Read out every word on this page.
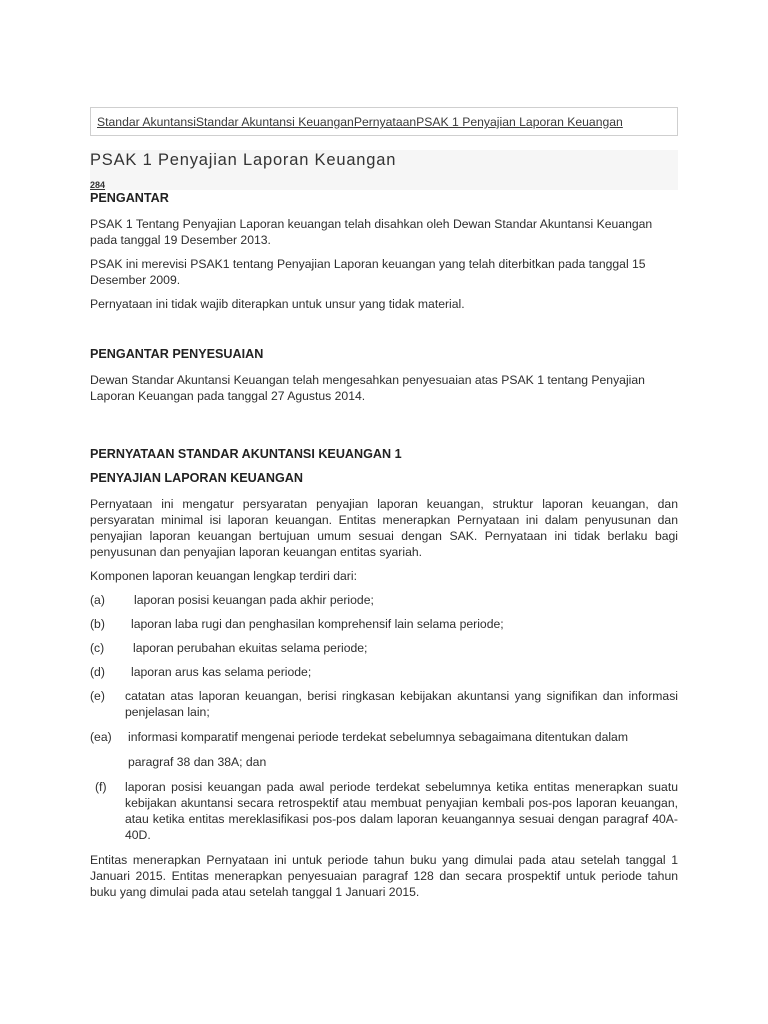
Standar AkuntansiStandar Akuntansi KeuanganPernyataanPSAK 1 Penyajian Laporan Keuangan
PSAK 1 Penyajian Laporan Keuangan
284

PENGANTAR

PSAK 1 Tentang Penyajian Laporan keuangan telah disahkan oleh Dewan Standar Akuntansi Keuangan pada tanggal 19 Desember 2013.

PSAK ini merevisi PSAK1 tentang Penyajian Laporan keuangan yang telah diterbitkan pada tanggal 15 Desember 2009.

Pernyataan ini tidak wajib diterapkan untuk unsur yang tidak material.

PENGANTAR PENYESUAIAN

Dewan Standar Akuntansi Keuangan telah mengesahkan penyesuaian atas PSAK 1 tentang Penyajian Laporan Keuangan pada tanggal 27 Agustus 2014.

PERNYATAAN STANDAR AKUNTANSI KEUANGAN 1

PENYAJIAN LAPORAN KEUANGAN

Pernyataan ini mengatur persyaratan penyajian laporan keuangan, struktur laporan keuangan, dan persyaratan minimal isi laporan keuangan. Entitas menerapkan Pernyataan ini dalam penyusunan dan penyajian laporan keuangan bertujuan umum sesuai dengan SAK. Pernyataan ini tidak berlaku bagi penyusunan dan penyajian laporan keuangan entitas syariah.

Komponen laporan keuangan lengkap terdiri dari:

(a)	laporan posisi keuangan pada akhir periode;
(b)	laporan laba rugi dan penghasilan komprehensif lain selama periode;
(c)	laporan perubahan ekuitas selama periode;
(d)	laporan arus kas selama periode;
(e)	catatan atas laporan keuangan, berisi ringkasan kebijakan akuntansi yang signifikan dan informasi penjelasan lain;
(ea)	informasi komparatif mengenai periode terdekat sebelumnya sebagaimana ditentukan dalam
paragraf 38 dan 38A; dan
(f)	laporan posisi keuangan pada awal periode terdekat sebelumnya ketika entitas menerapkan suatu kebijakan akuntansi secara retrospektif atau membuat penyajian kembali pos-pos laporan keuangan, atau ketika entitas mereklasifikasi pos-pos dalam laporan keuangannya sesuai dengan paragraf 40A-40D.

Entitas menerapkan Pernyataan ini untuk periode tahun buku yang dimulai pada atau setelah tanggal 1 Januari 2015. Entitas menerapkan penyesuaian paragraf 128 dan secara prospektif untuk periode tahun buku yang dimulai pada atau setelah tanggal 1 Januari 2015.
